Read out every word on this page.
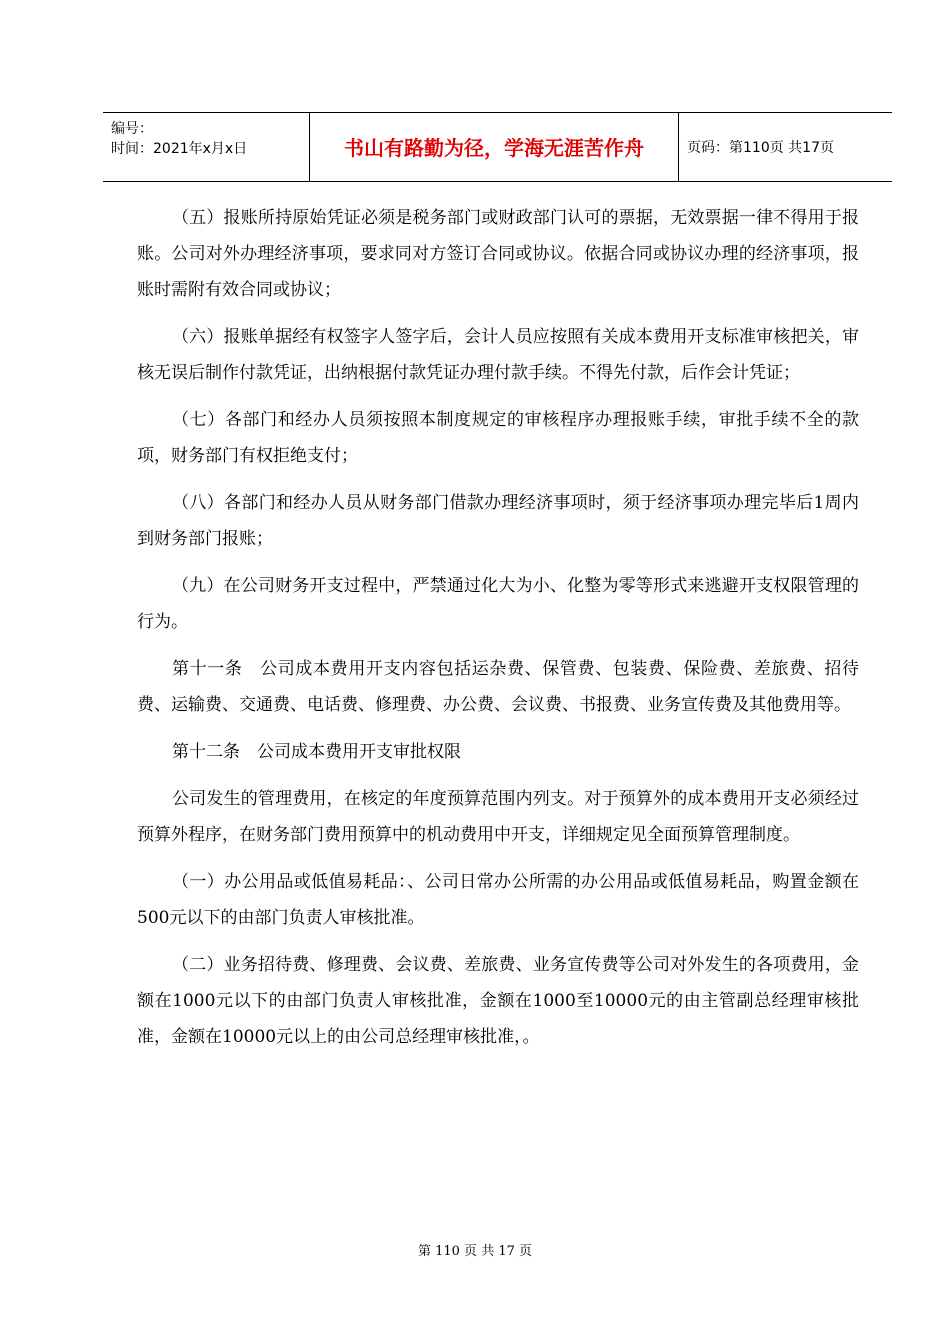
编号：
时间：2021年x月x日	书山有路勤为径，学海无涯苦作舟	页码：第110页 共17页

（五）报账所持原始凭证必须是税务部门或财政部门认可的票据，无效票据一律不得用于报账。公司对外办理经济事项，要求同对方签订合同或协议。依据合同或协议办理的经济事项，报账时需附有效合同或协议；

（六）报账单据经有权签字人签字后，会计人员应按照有关成本费用开支标准审核把关，审核无误后制作付款凭证，出纳根据付款凭证办理付款手续。不得先付款，后作会计凭证；

（七）各部门和经办人员须按照本制度规定的审核程序办理报账手续，审批手续不全的款项，财务部门有权拒绝支付；

（八）各部门和经办人员从财务部门借款办理经济事项时，须于经济事项办理完毕后1周内到财务部门报账；

（九）在公司财务开支过程中，严禁通过化大为小、化整为零等形式来逃避开支权限管理的行为。

第十一条　公司成本费用开支内容包括运杂费、保管费、包装费、保险费、差旅费、招待费、运输费、交通费、电话费、修理费、办公费、会议费、书报费、业务宣传费及其他费用等。

第十二条　公司成本费用开支审批权限

公司发生的管理费用，在核定的年度预算范围内列支。对于预算外的成本费用开支必须经过预算外程序，在财务部门费用预算中的机动费用中开支，详细规定见全面预算管理制度。

（一）办公用品或低值易耗品：、公司日常办公所需的办公用品或低值易耗品，购置金额在500元以下的由部门负责人审核批准。

（二）业务招待费、修理费、会议费、差旅费、业务宣传费等公司对外发生的各项费用，金额在1000元以下的由部门负责人审核批准，金额在1000至10000元的由主管副总经理审核批准，金额在10000元以上的由公司总经理审核批准，。

第 110 页 共 17 页
